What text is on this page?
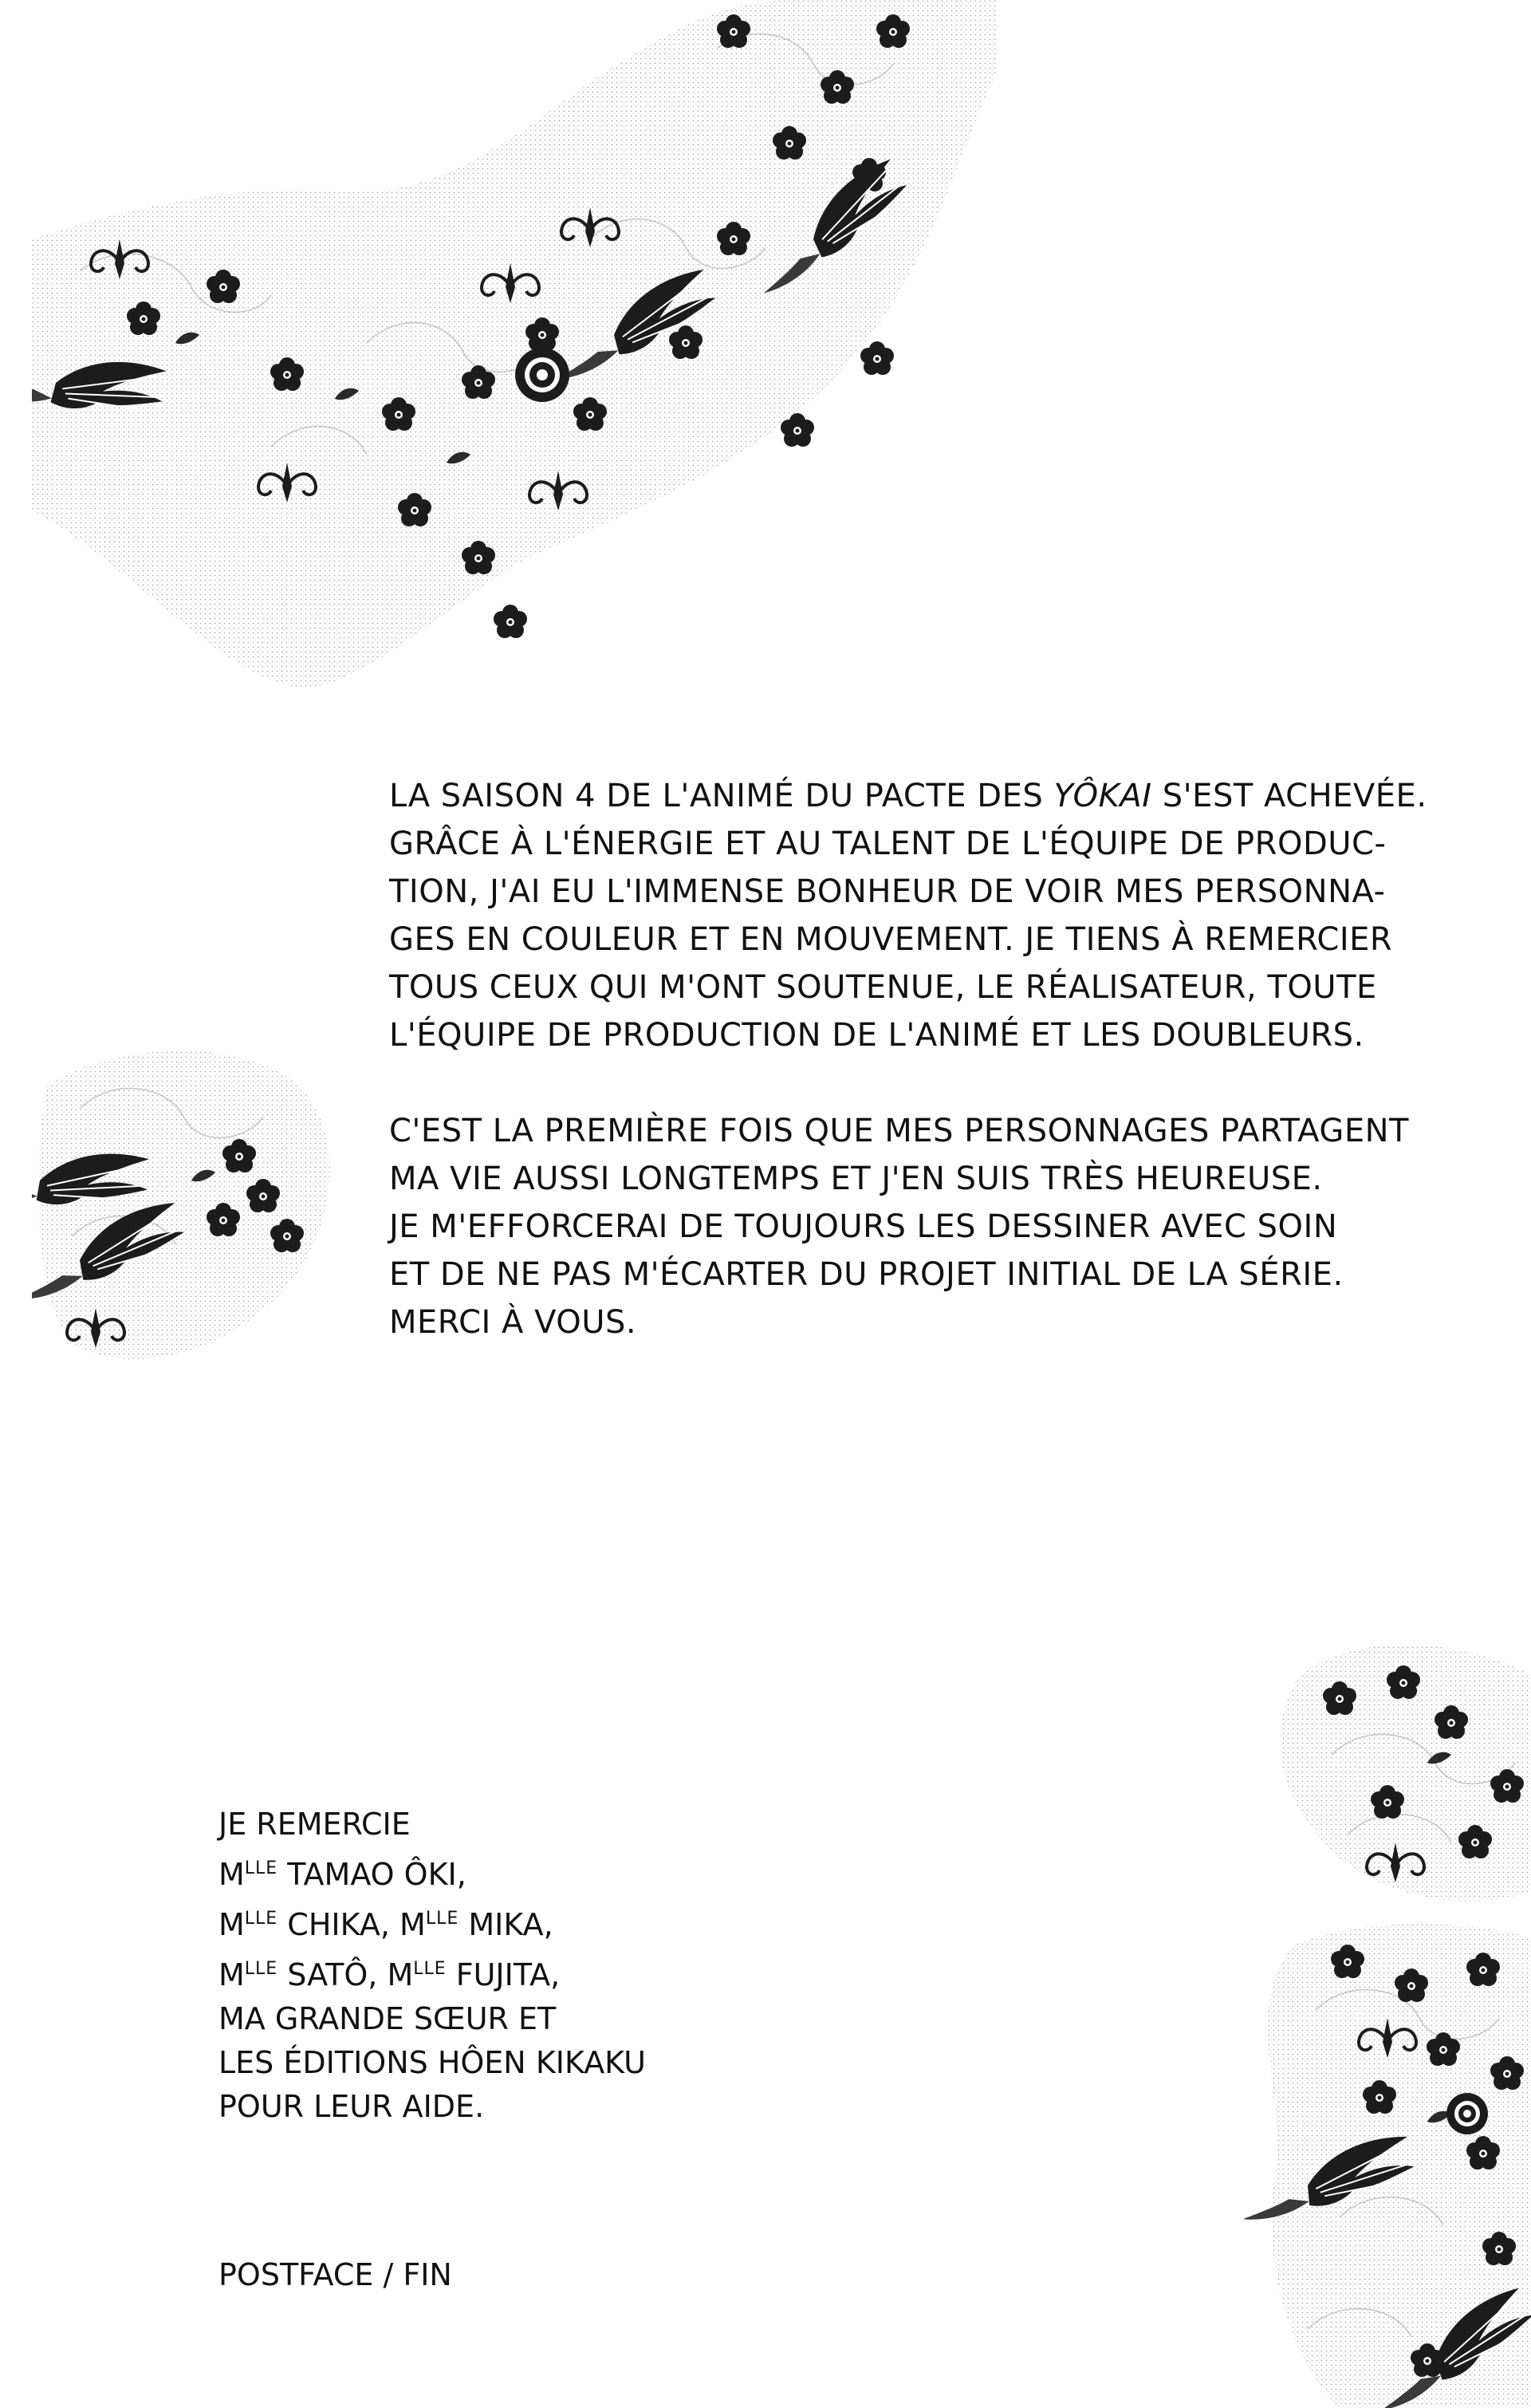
LA SAISON 4 DE L'ANIMÉ DU PACTE DES YÔKAI S'EST ACHEVÉE.
GRÂCE À L'ÉNERGIE ET AU TALENT DE L'ÉQUIPE DE PRODUC-
TION, J'AI EU L'IMMENSE BONHEUR DE VOIR MES PERSONNA-
GES EN COULEUR ET EN MOUVEMENT. JE TIENS À REMERCIER
TOUS CEUX QUI M'ONT SOUTENUE, LE RÉALISATEUR, TOUTE
L'ÉQUIPE DE PRODUCTION DE L'ANIMÉ ET LES DOUBLEURS.
C'EST LA PREMIÈRE FOIS QUE MES PERSONNAGES PARTAGENT
MA VIE AUSSI LONGTEMPS ET J'EN SUIS TRÈS HEUREUSE.
JE M'EFFORCERAI DE TOUJOURS LES DESSINER AVEC SOIN
ET DE NE PAS M'ÉCARTER DU PROJET INITIAL DE LA SÉRIE.
MERCI À VOUS.
JE REMERCIE
$M^{LLE}$ TAMAO ÔKI,
$M^{LLE}$ CHIKA, $M^{LLE}$ MIKA,
$M^{LLE}$ SATÔ, $M^{LLE}$ FUJITA,
MA GRANDE SŒUR ET
LES ÉDITIONS HÔEN KIKAKU
POUR LEUR AIDE.
POSTFACE / FIN
